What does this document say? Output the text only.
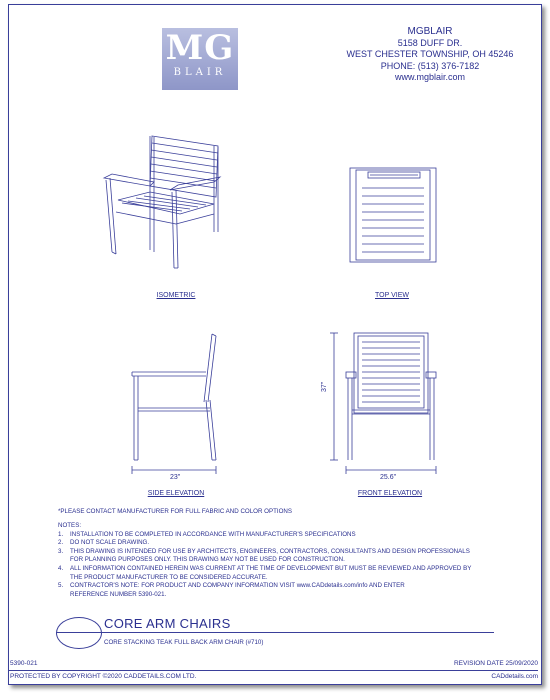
MG
BLAIR
MGBLAIR
5158 DUFF DR.
WEST CHESTER TOWNSHIP, OH 45246
PHONE: (513) 376-7182
www.mgblair.com
ISOMETRIC	TOP VIEW
SIDE ELEVATION	FRONT ELEVATION
23"	25.6"
37"
*PLEASE CONTACT MANUFACTURER FOR FULL FABRIC AND COLOR OPTIONS
NOTES:
1.	INSTALLATION TO BE COMPLETED IN ACCORDANCE WITH MANUFACTURER'S SPECIFICATIONS
2.	DO NOT SCALE DRAWING.
3.	THIS DRAWING IS INTENDED FOR USE BY ARCHITECTS, ENGINEERS, CONTRACTORS, CONSULTANTS AND DESIGN PROFESSIONALS
FOR PLANNING PURPOSES ONLY. THIS DRAWING MAY NOT BE USED FOR CONSTRUCTION.
4.	ALL INFORMATION CONTAINED HEREIN WAS CURRENT AT THE TIME OF DEVELOPMENT BUT MUST BE REVIEWED AND APPROVED BY
THE PRODUCT MANUFACTURER TO BE CONSIDERED ACCURATE.
5.	CONTRACTOR'S NOTE: FOR PRODUCT AND COMPANY INFORMATION VISIT www.CADdetails.com/info AND ENTER
REFERENCE NUMBER 5390-021.
CORE ARM CHAIRS
CORE STACKING TEAK FULL BACK ARM CHAIR (#710)
5390-021	REVISION DATE 25/09/2020
PROTECTED BY COPYRIGHT ©2020 CADDETAILS.COM LTD.	CADdetails.com
